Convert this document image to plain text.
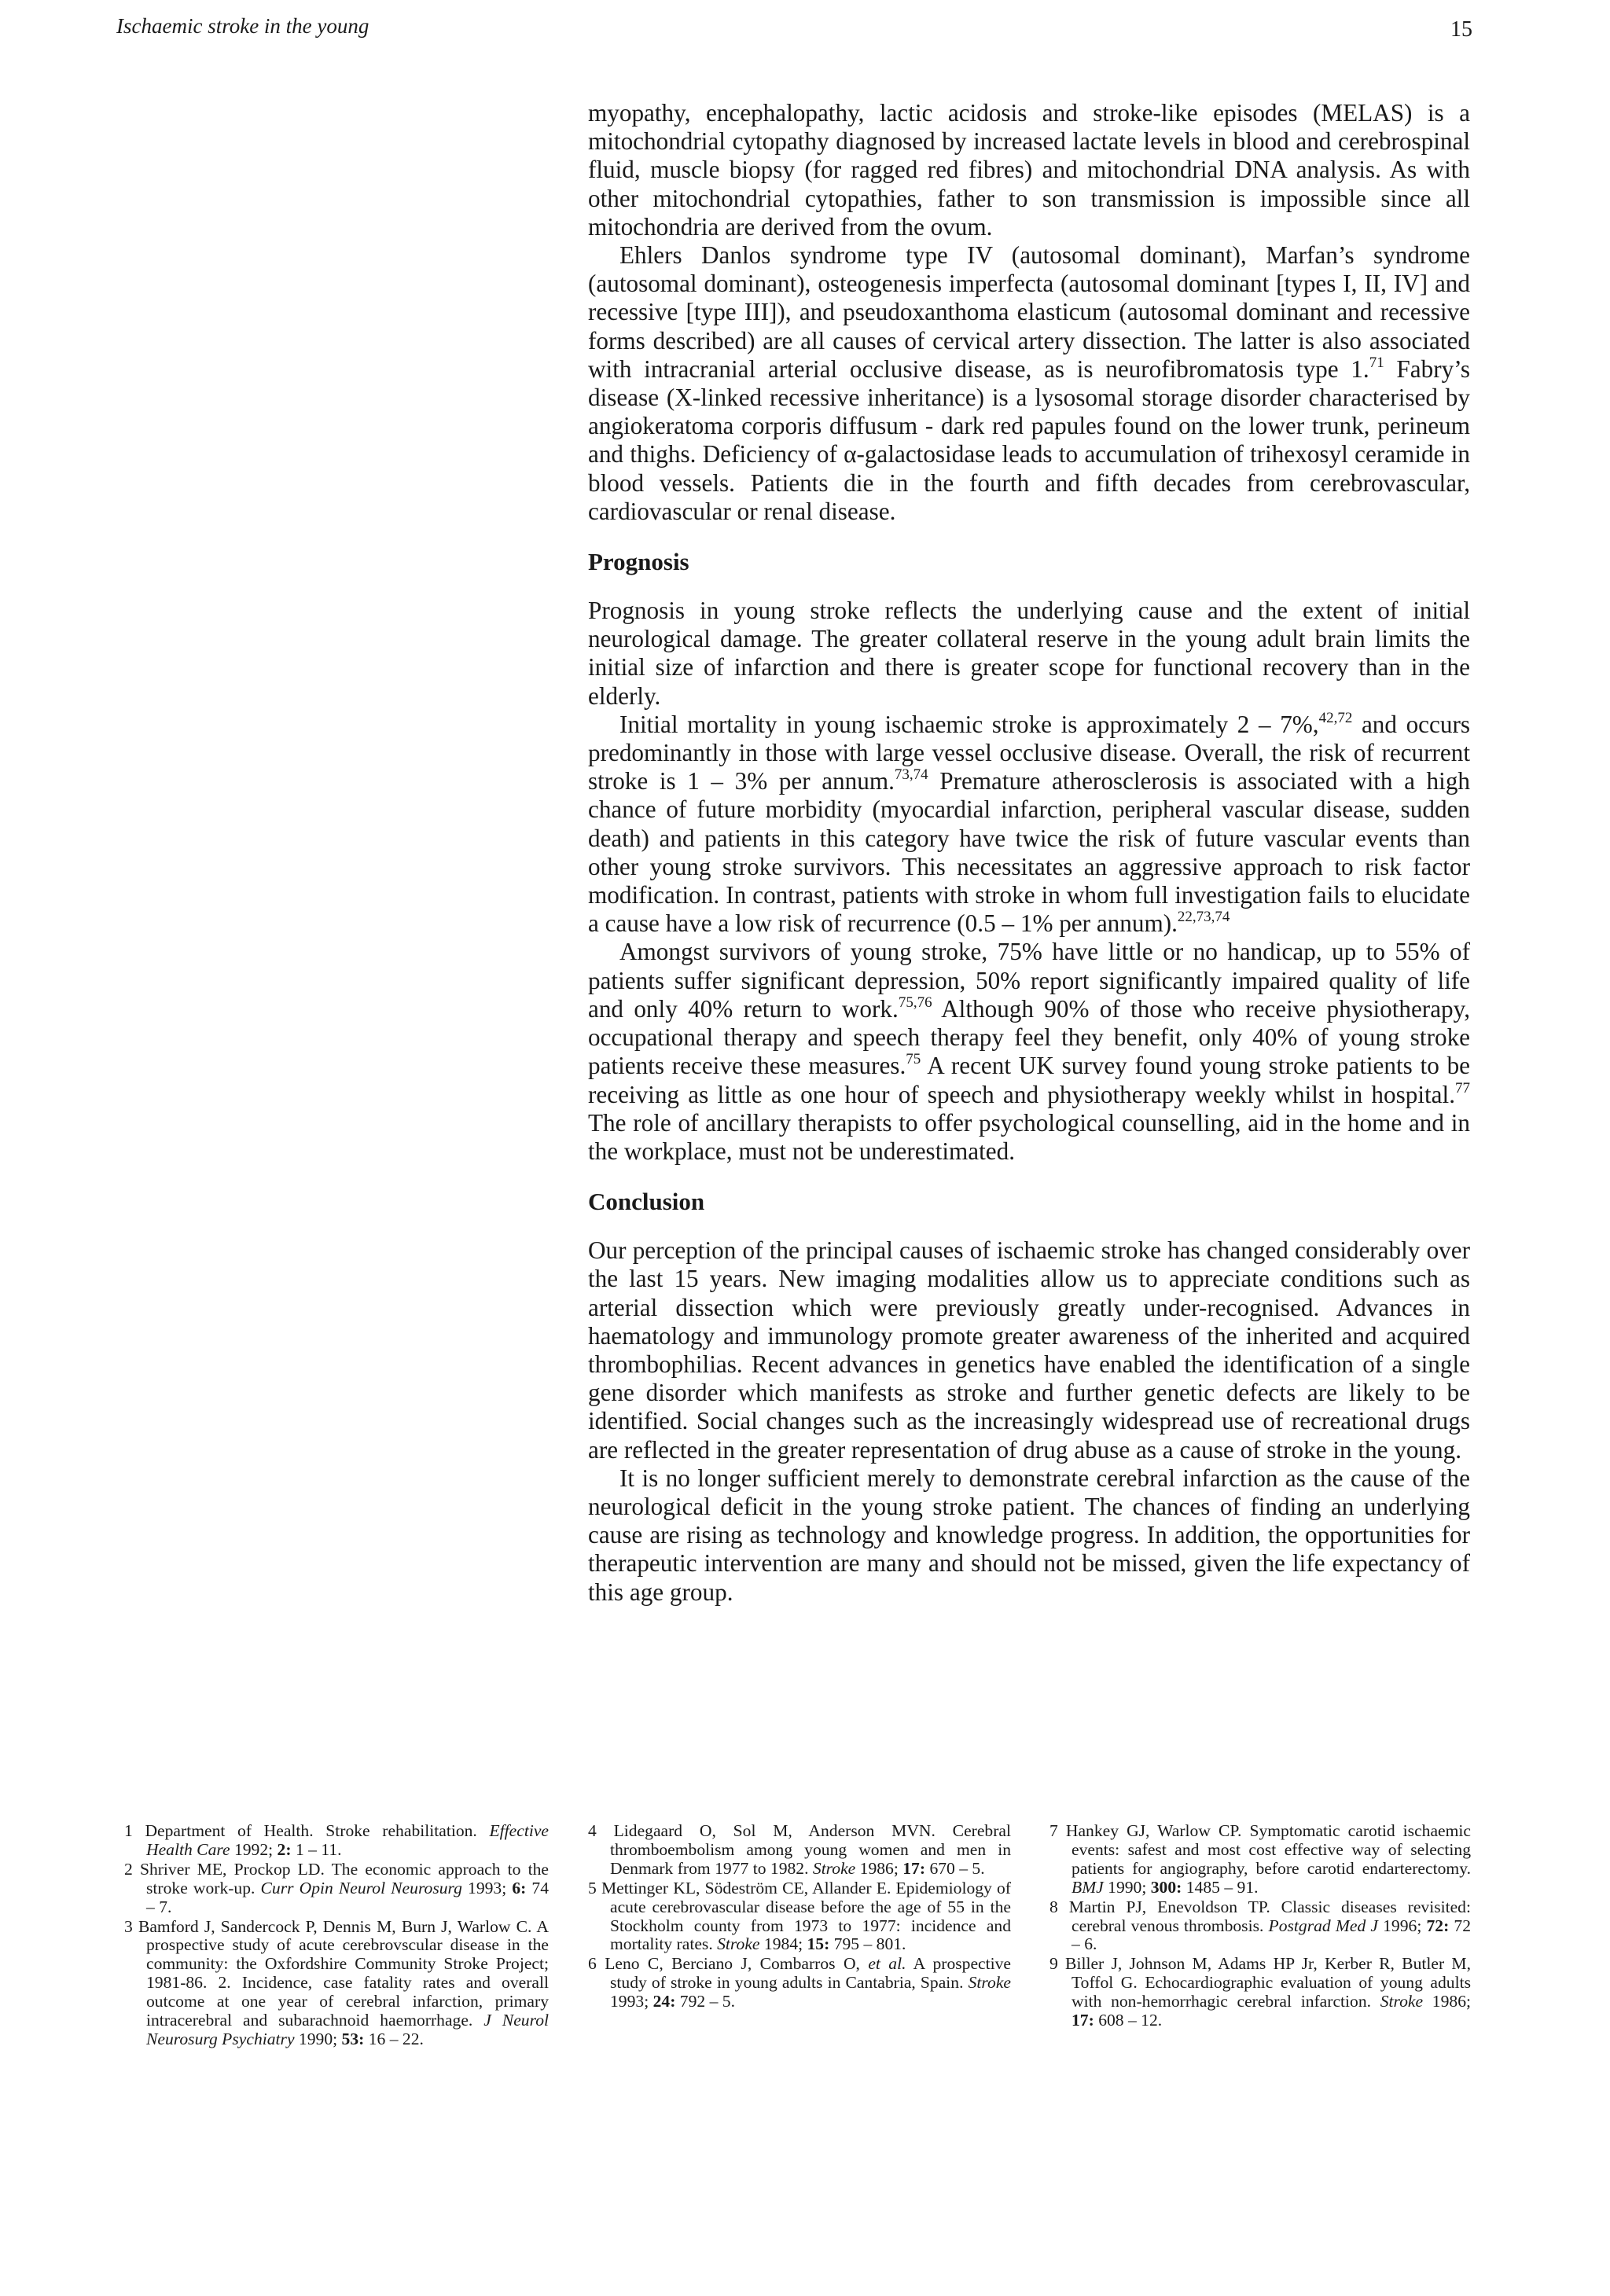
Ischaemic stroke in the young	15

myopathy, encephalopathy, lactic acidosis and stroke-like episodes (MELAS) is a mitochondrial cytopathy diagnosed by increased lactate levels in blood and cerebrospinal fluid, muscle biopsy (for ragged red fibres) and mitochondrial DNA analysis. As with other mitochondrial cytopathies, father to son transmission is impossible since all mitochondria are derived from the ovum.

Ehlers Danlos syndrome type IV (autosomal dominant), Marfan’s syndrome (autosomal dominant), osteogenesis imperfecta (autosomal dominant [types I, II, IV] and recessive [type III]), and pseudoxanthoma elasticum (autosomal dominant and recessive forms described) are all causes of cervical artery dissection. The latter is also associated with intracranial arterial occlusive disease, as is neurofibromatosis type 1.71 Fabry’s disease (X-linked recessive inheritance) is a lysosomal storage disorder characterised by angiokeratoma corporis diffusum - dark red papules found on the lower trunk, perineum and thighs. Deficiency of α-galactosidase leads to accumulation of trihexosyl ceramide in blood vessels. Patients die in the fourth and fifth decades from cerebrovascular, cardiovascular or renal disease.

Prognosis

Prognosis in young stroke reflects the underlying cause and the extent of initial neurological damage. The greater collateral reserve in the young adult brain limits the initial size of infarction and there is greater scope for functional recovery than in the elderly.

Initial mortality in young ischaemic stroke is approximately 2 – 7%,$^{42,72}$ and occurs predominantly in those with large vessel occlusive disease. Overall, the risk of recurrent stroke is 1 – 3% per annum.$^{73,74}$ Premature atherosclerosis is associated with a high chance of future morbidity (myocardial infarction, peripheral vascular disease, sudden death) and patients in this category have twice the risk of future vascular events than other young stroke survivors. This necessitates an aggressive approach to risk factor modification. In contrast, patients with stroke in whom full investigation fails to elucidate a cause have a low risk of recurrence (0.5 – 1% per annum).$^{22,73,74}$

Amongst survivors of young stroke, 75% have little or no handicap, up to 55% of patients suffer significant depression, 50% report significantly impaired quality of life and only 40% return to work.$^{75,76}$ Although 90% of those who receive physiotherapy, occupational therapy and speech therapy feel they benefit, only 40% of young stroke patients receive these measures.$^{75}$ A recent UK survey found young stroke patients to be receiving as little as one hour of speech and physiotherapy weekly whilst in hospital.$^{77}$ The role of ancillary therapists to offer psychological counselling, aid in the home and in the workplace, must not be underestimated.

Conclusion

Our perception of the principal causes of ischaemic stroke has changed considerably over the last 15 years. New imaging modalities allow us to appreciate conditions such as arterial dissection which were previously greatly under-recognised. Advances in haematology and immunology promote greater awareness of the inherited and acquired thrombophilias. Recent advances in genetics have enabled the identification of a single gene disorder which manifests as stroke and further genetic defects are likely to be identified. Social changes such as the increasingly widespread use of recreational drugs are reflected in the greater representation of drug abuse as a cause of stroke in the young.

It is no longer sufficient merely to demonstrate cerebral infarction as the cause of the neurological deficit in the young stroke patient. The chances of finding an underlying cause are rising as technology and knowledge progress. In addition, the opportunities for therapeutic intervention are many and should not be missed, given the life expectancy of this age group.

1 Department of Health. Stroke rehabilitation. Effective Health Care 1992; 2: 1 – 11.

2 Shriver ME, Prockop LD. The economic approach to the stroke work-up. Curr Opin Neurol Neurosurg 1993; 6: 74 – 7.

3 Bamford J, Sandercock P, Dennis M, Burn J, Warlow C. A prospective study of acute cerebrovscular disease in the community: the Oxfordshire Community Stroke Project; 1981-86. 2. Incidence, case fatality rates and overall outcome at one year of cerebral infarction, primary intracerebral and subarachnoid haemorrhage. J Neurol Neurosurg Psychiatry 1990; 53: 16 – 22.

4 Lidegaard O, Sol M, Anderson MVN. Cerebral thromboembolism among young women and men in Denmark from 1977 to 1982. Stroke 1986; 17: 670 – 5.

5 Mettinger KL, Södeström CE, Allander E. Epidemiology of acute cerebrovascular disease before the age of 55 in the Stockholm county from 1973 to 1977: incidence and mortality rates. Stroke 1984; 15: 795 – 801.

6 Leno C, Berciano J, Combarros O, et al. A prospective study of stroke in young adults in Cantabria, Spain. Stroke 1993; 24: 792 – 5.

7 Hankey GJ, Warlow CP. Symptomatic carotid ischaemic events: safest and most cost effective way of selecting patients for angiography, before carotid endarterectomy. BMJ 1990; 300: 1485 – 91.

8 Martin PJ, Enevoldson TP. Classic diseases revisited: cerebral venous thrombosis. Postgrad Med J 1996; 72: 72 – 6.

9 Biller J, Johnson M, Adams HP Jr, Kerber R, Butler M, Toffol G. Echocardiographic evaluation of young adults with non-hemorrhagic cerebral infarction. Stroke 1986; 17: 608 – 12.
